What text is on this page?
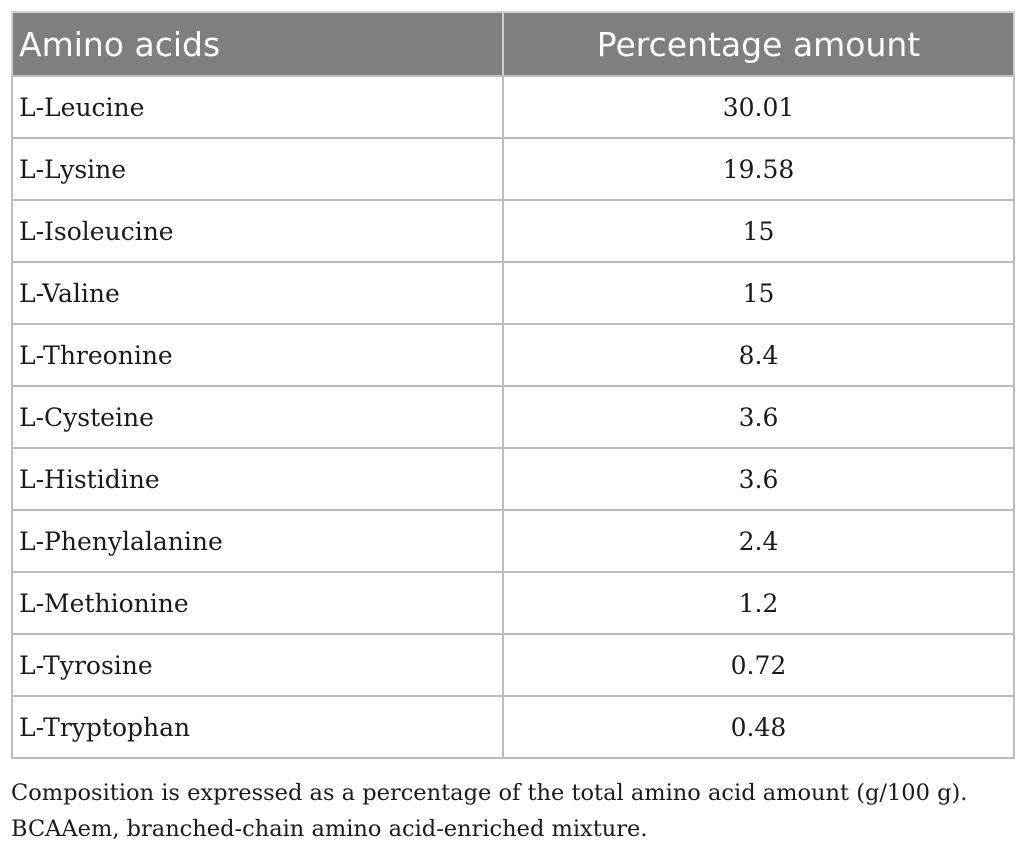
Amino acids	Percentage amount
L-Leucine	30.01
L-Lysine	19.58
L-Isoleucine	15
L-Valine	15
L-Threonine	8.4
L-Cysteine	3.6
L-Histidine	3.6
L-Phenylalanine	2.4
L-Methionine	1.2
L-Tyrosine	0.72
L-Tryptophan	0.48
Composition is expressed as a percentage of the total amino acid amount (g/100 g). BCAAem, branched-chain amino acid-enriched mixture.
